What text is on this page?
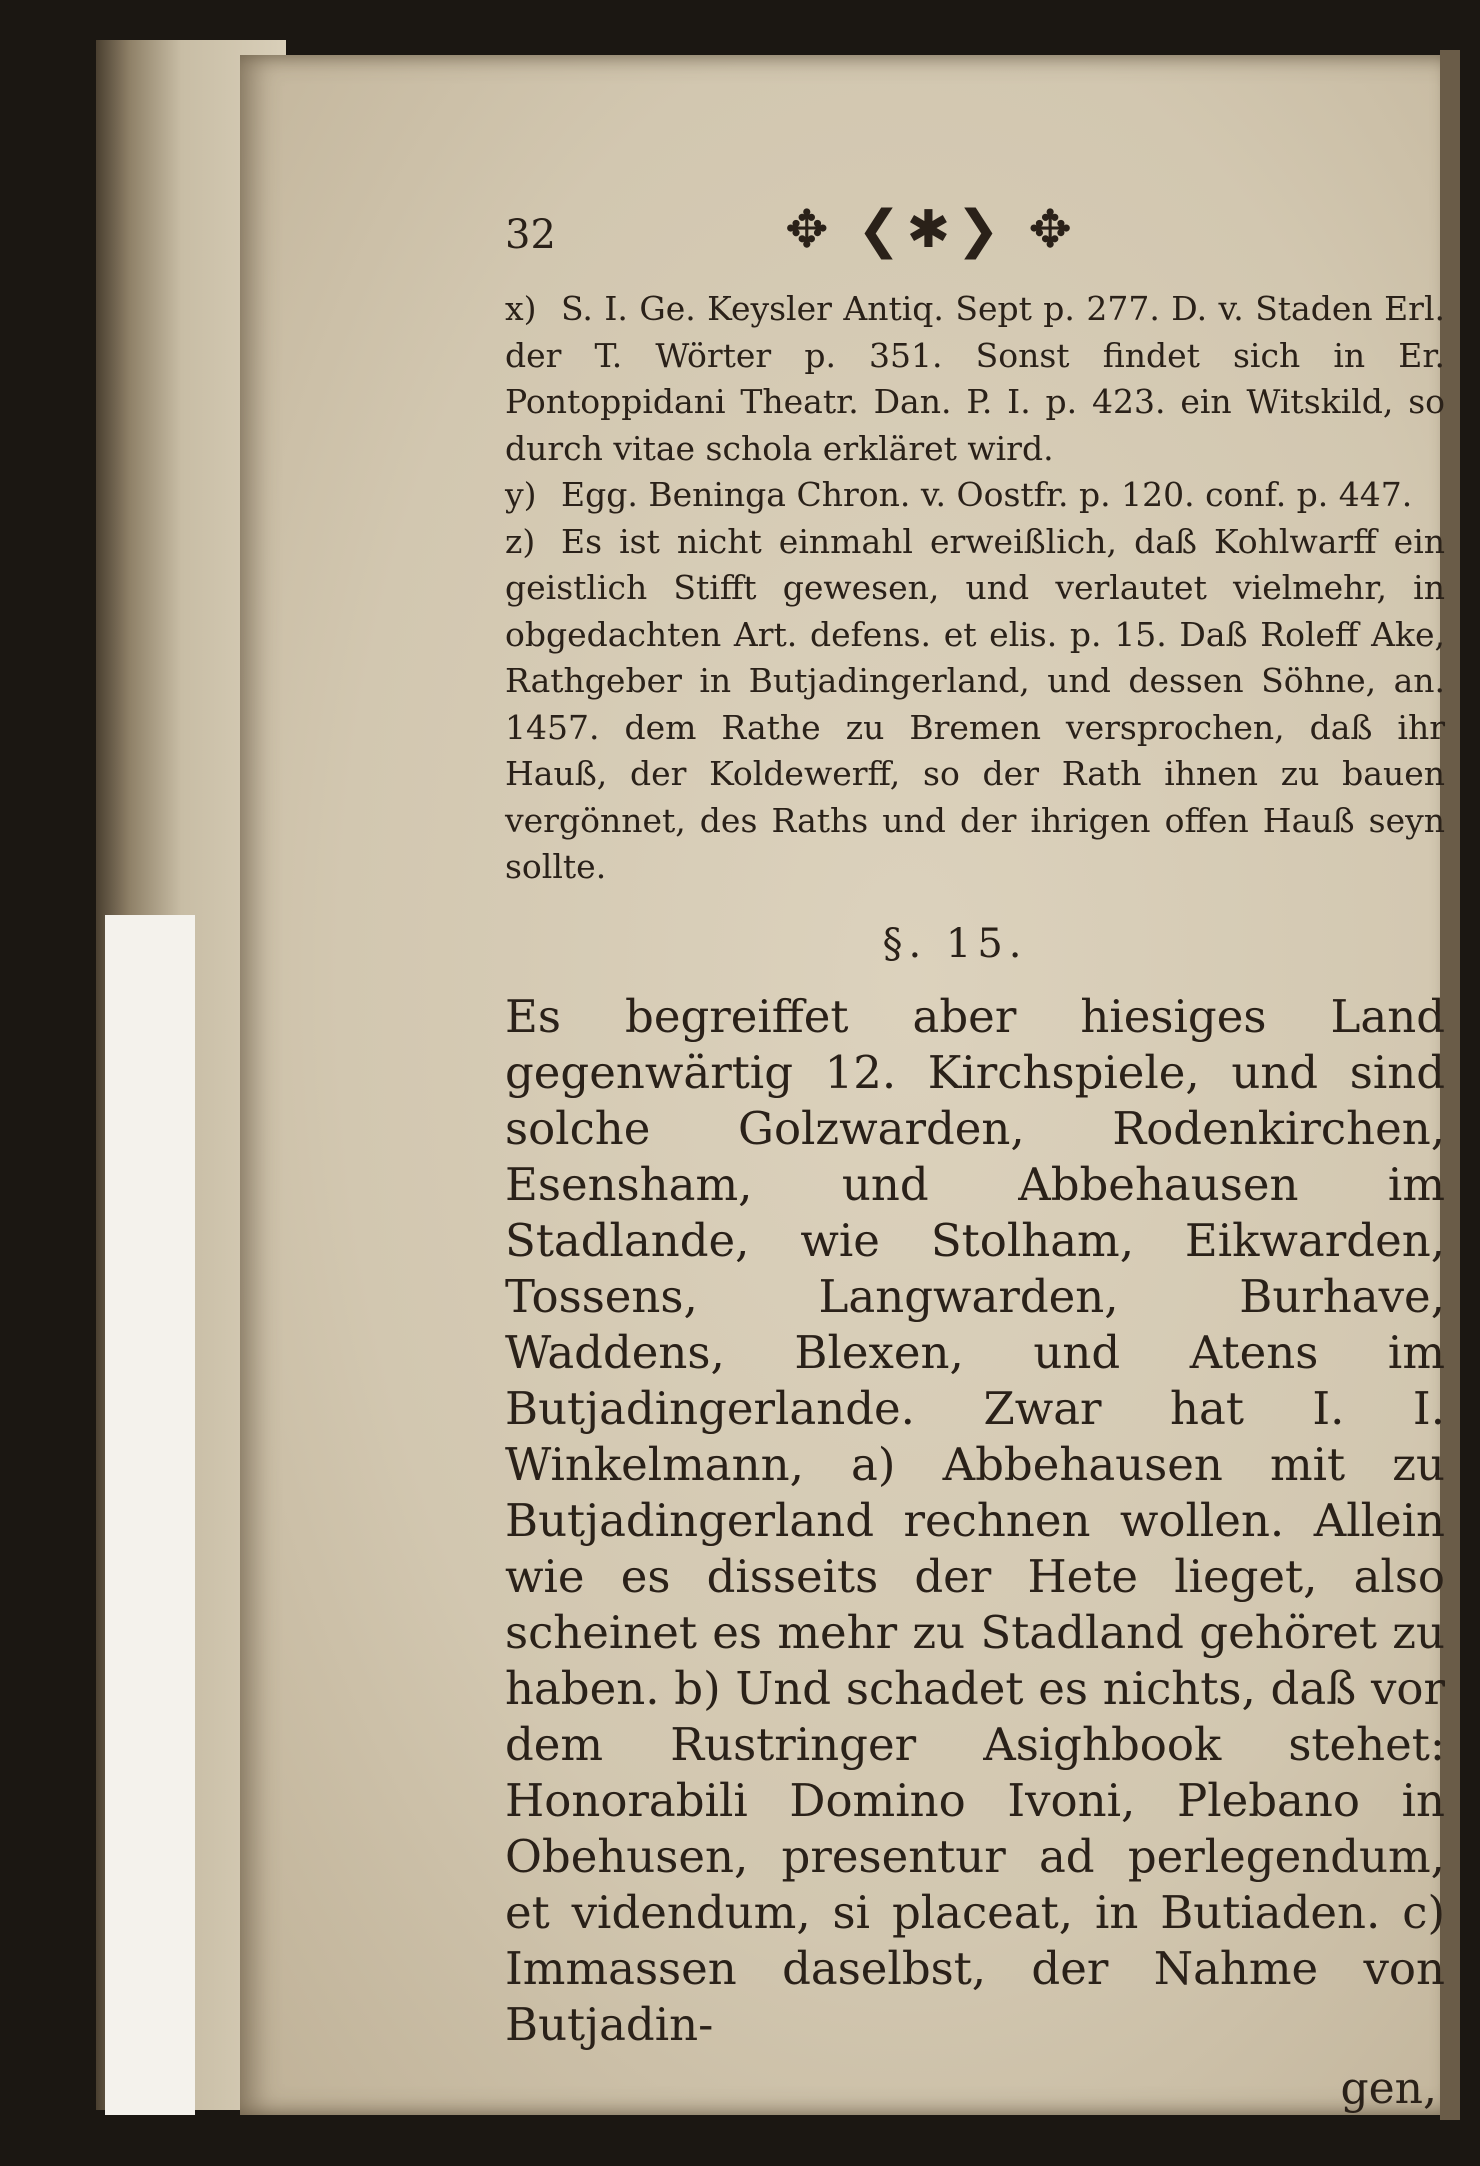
32	✥ ❮✱❯ ✥

x) S. I. Ge. Keysler Antiq. Sept p. 277. D. v. Staden Erl. der T. Wörter p. 351. Sonst findet sich in Er. Pontoppidani Theatr. Dan. P. I. p. 423. ein Witskild, so durch vitae schola erkläret wird.

y) Egg. Beninga Chron. v. Oostfr. p. 120. conf. p. 447.

z) Es ist nicht einmahl erweißlich, daß Kohlwarff ein geistlich Stifft gewesen, und verlautet vielmehr, in obgedachten Art. defens. et elis. p. 15. Daß Roleff Ake, Rathgeber in Butjadingerland, und dessen Söhne, an. 1457. dem Rathe zu Bremen versprochen, daß ihr Hauß, der Koldewerff, so der Rath ihnen zu bauen vergönnet, des Raths und der ihrigen offen Hauß seyn sollte.

§. 15.

Es begreiffet aber hiesiges Land gegenwärtig 12. Kirchspiele, und sind solche Golzwarden, Rodenkirchen, Esensham, und Abbehausen im Stadlande, wie Stolham, Eikwarden, Tossens, Langwarden, Burhave, Waddens, Blexen, und Atens im Butjadingerlande. Zwar hat I. I. Winkelmann, a) Abbehausen mit zu Butjadingerland rechnen wollen. Allein wie es disseits der Hete lieget, also scheinet es mehr zu Stadland gehöret zu haben. b) Und schadet es nichts, daß vor dem Rustringer Asighbook stehet: Honorabili Domino Ivoni, Plebano in Obehusen, presentur ad perlegendum, et videndum, si placeat, in Butiaden. c) Immassen daselbst, der Nahme von Butjadin-

gen,
